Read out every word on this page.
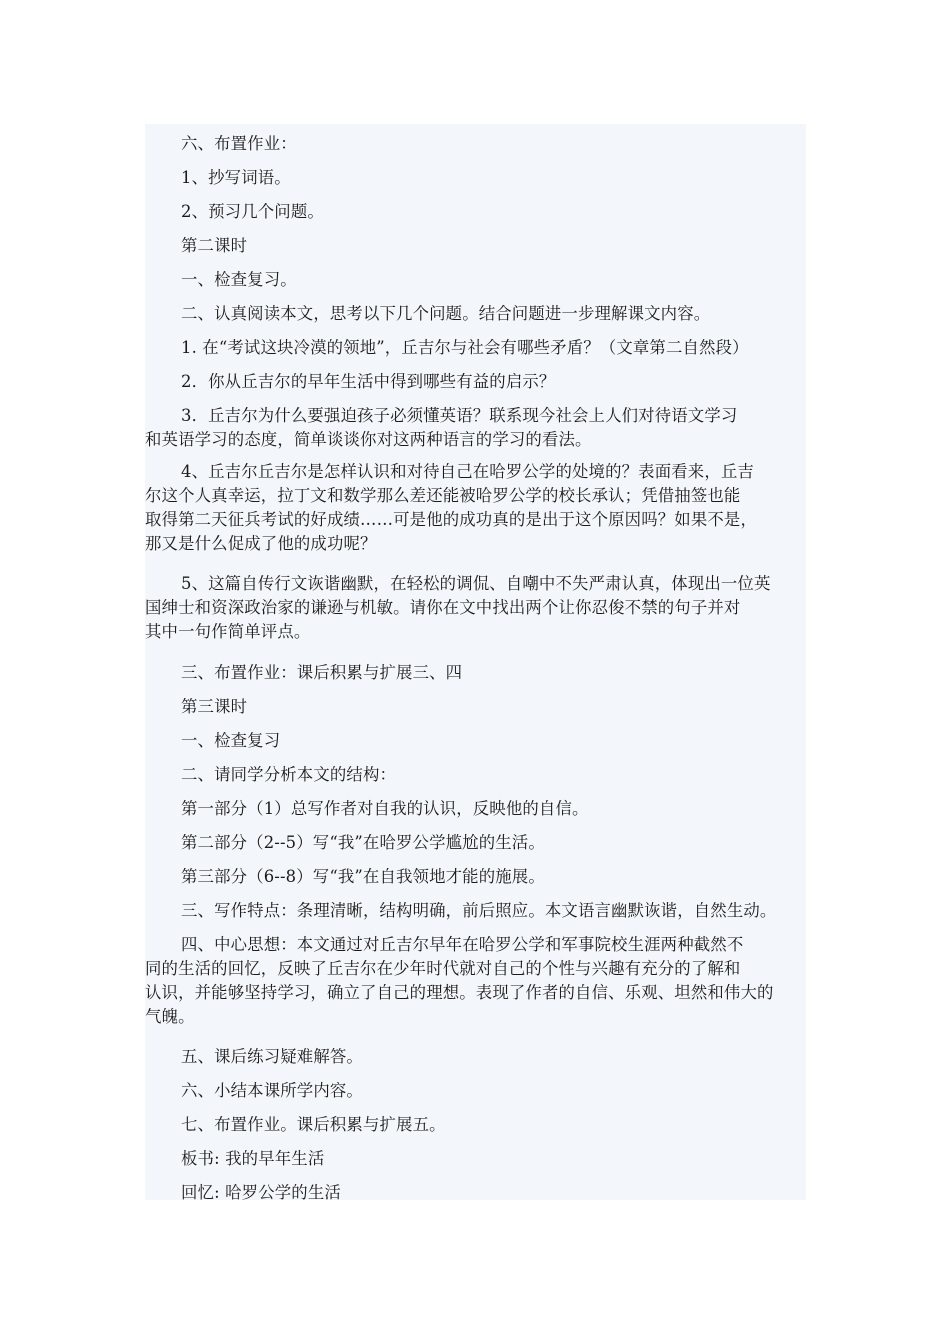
六、布置作业：
1、抄写词语。
2、预习几个问题。
第二课时
一、检查复习。
二、认真阅读本文，思考以下几个问题。结合问题进一步理解课文内容。
1. 在“考试这块冷漠的领地”，丘吉尔与社会有哪些矛盾？（文章第二自然段）
2．你从丘吉尔的早年生活中得到哪些有益的启示？
3．丘吉尔为什么要强迫孩子必须懂英语？联系现今社会上人们对待语文学习
和英语学习的态度，简单谈谈你对这两种语言的学习的看法。
4、丘吉尔丘吉尔是怎样认识和对待自己在哈罗公学的处境的？表面看来，丘吉
尔这个人真幸运，拉丁文和数学那么差还能被哈罗公学的校长承认；凭借抽签也能
取得第二天征兵考试的好成绩……可是他的成功真的是出于这个原因吗？如果不是，
那又是什么促成了他的成功呢？
5、这篇自传行文诙谐幽默，在轻松的调侃、自嘲中不失严肃认真，体现出一位英
国绅士和资深政治家的谦逊与机敏。请你在文中找出两个让你忍俊不禁的句子并对
其中一句作简单评点。
三、布置作业：课后积累与扩展三、四
第三课时
一、检查复习
二、请同学分析本文的结构：
第一部分（1）总写作者对自我的认识，反映他的自信。
第二部分（2--5）写“我”在哈罗公学尴尬的生活。
第三部分（6--8）写“我”在自我领地才能的施展。
三、写作特点：条理清晰，结构明确，前后照应。本文语言幽默诙谐，自然生动。
四、中心思想：本文通过对丘吉尔早年在哈罗公学和军事院校生涯两种截然不
同的生活的回忆，反映了丘吉尔在少年时代就对自己的个性与兴趣有充分的了解和
认识，并能够坚持学习，确立了自己的理想。表现了作者的自信、乐观、坦然和伟大的
气魄。
五、课后练习疑难解答。
六、小结本课所学内容。
七、布置作业。课后积累与扩展五。
板书: 我的早年生活
回忆: 哈罗公学的生活
